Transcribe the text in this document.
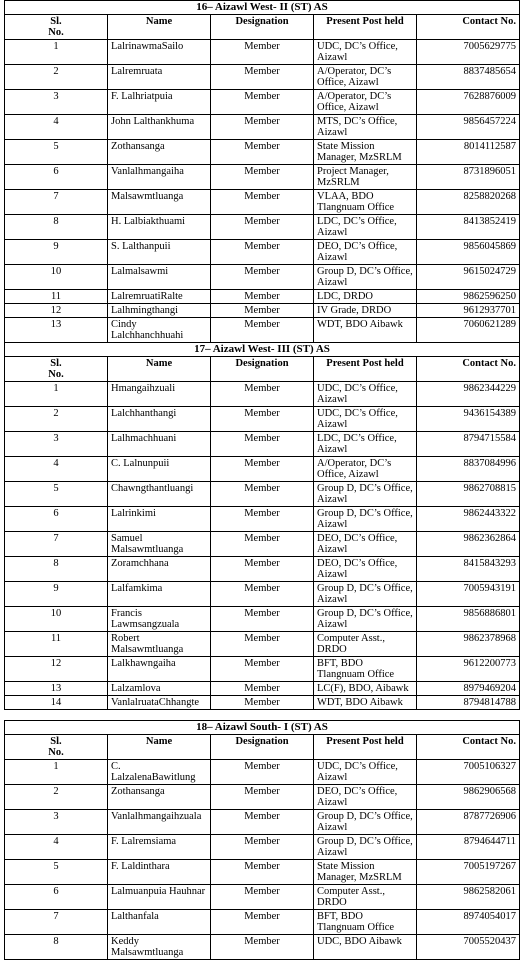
16– Aizawl West- II (ST) AS				
Sl.
No.	Name	Designation	Present Post held	Contact No.
1	LalrinawmaSailo	Member	UDC, DC’s Office, Aizawl	7005629775
2	Lalremruata	Member	A/Operator, DC’s Office, Aizawl	8837485654
3	F. Lalhriatpuia	Member	A/Operator, DC’s Office, Aizawl	7628876009
4	John Lalthankhuma	Member	MTS, DC’s Office, Aizawl	9856457224
5	Zothansanga	Member	State Mission Manager, MzSRLM	8014112587
6	Vanlalhmangaiha	Member	Project Manager, MzSRLM	8731896051
7	Malsawmtluanga	Member	VLAA, BDO Tlangnuam Office	8258820268
8	H. Lalbiakthuami	Member	LDC, DC’s Office, Aizawl	8413852419
9	S. Lalthanpuii	Member	DEO, DC’s Office, Aizawl	9856045869
10	Lalmalsawmi	Member	Group D, DC’s Office, Aizawl	9615024729
11	LalremruatiRalte	Member	LDC, DRDO	9862596250
12	Lalhmingthangi	Member	IV Grade, DRDO	9612937701
13	Cindy Lalchhanchhuahi	Member	WDT, BDO Aibawk	7060621289
17– Aizawl West- III (ST) AS				
Sl.
No.	Name	Designation	Present Post held	Contact No.
1	Hmangaihzuali	Member	UDC, DC’s Office, Aizawl	9862344229
2	Lalchhanthangi	Member	UDC, DC’s Office, Aizawl	9436154389
3	Lalhmachhuani	Member	LDC, DC’s Office, Aizawl	8794715584
4	C. Lalnunpuii	Member	A/Operator, DC’s Office, Aizawl	8837084996
5	Chawngthantluangi	Member	Group D, DC’s Office, Aizawl	9862708815
6	Lalrinkimi	Member	Group D, DC’s Office, Aizawl	9862443322
7	Samuel Malsawmtluanga	Member	DEO, DC’s Office, Aizawl	9862362864
8	Zoramchhana	Member	DEO, DC’s Office, Aizawl	8415843293
9	Lalfamkima	Member	Group D, DC’s Office, Aizawl	7005943191
10	Francis Lawmsangzuala	Member	Group D, DC’s Office, Aizawl	9856886801
11	Robert Malsawmtluanga	Member	Computer Asst., DRDO	9862378968
12	Lalkhawngaiha	Member	BFT, BDO Tlangnuam Office	9612200773
13	Lalzamlova	Member	LC(F), BDO, Aibawk	8979469204
14	VanlalruataChhangte	Member	WDT, BDO Aibawk	8794814788
18– Aizawl South- I (ST) AS				
Sl.
No.	Name	Designation	Present Post held	Contact No.
1	C. LalzalenaBawitlung	Member	UDC, DC’s Office, Aizawl	7005106327
2	Zothansanga	Member	DEO, DC’s Office, Aizawl	9862906568
3	Vanlalhmangaihzuala	Member	Group D, DC’s Office, Aizawl	8787726906
4	F. Lalremsiama	Member	Group D, DC’s Office, Aizawl	8794644711
5	F. Laldinthara	Member	State Mission Manager, MzSRLM	7005197267
6	Lalmuanpuia Hauhnar	Member	Computer Asst., DRDO	9862582061
7	Lalthanfala	Member	BFT, BDO Tlangnuam Office	8974054017
8	Keddy Malsawmtluanga	Member	UDC, BDO Aibawk	7005520437
